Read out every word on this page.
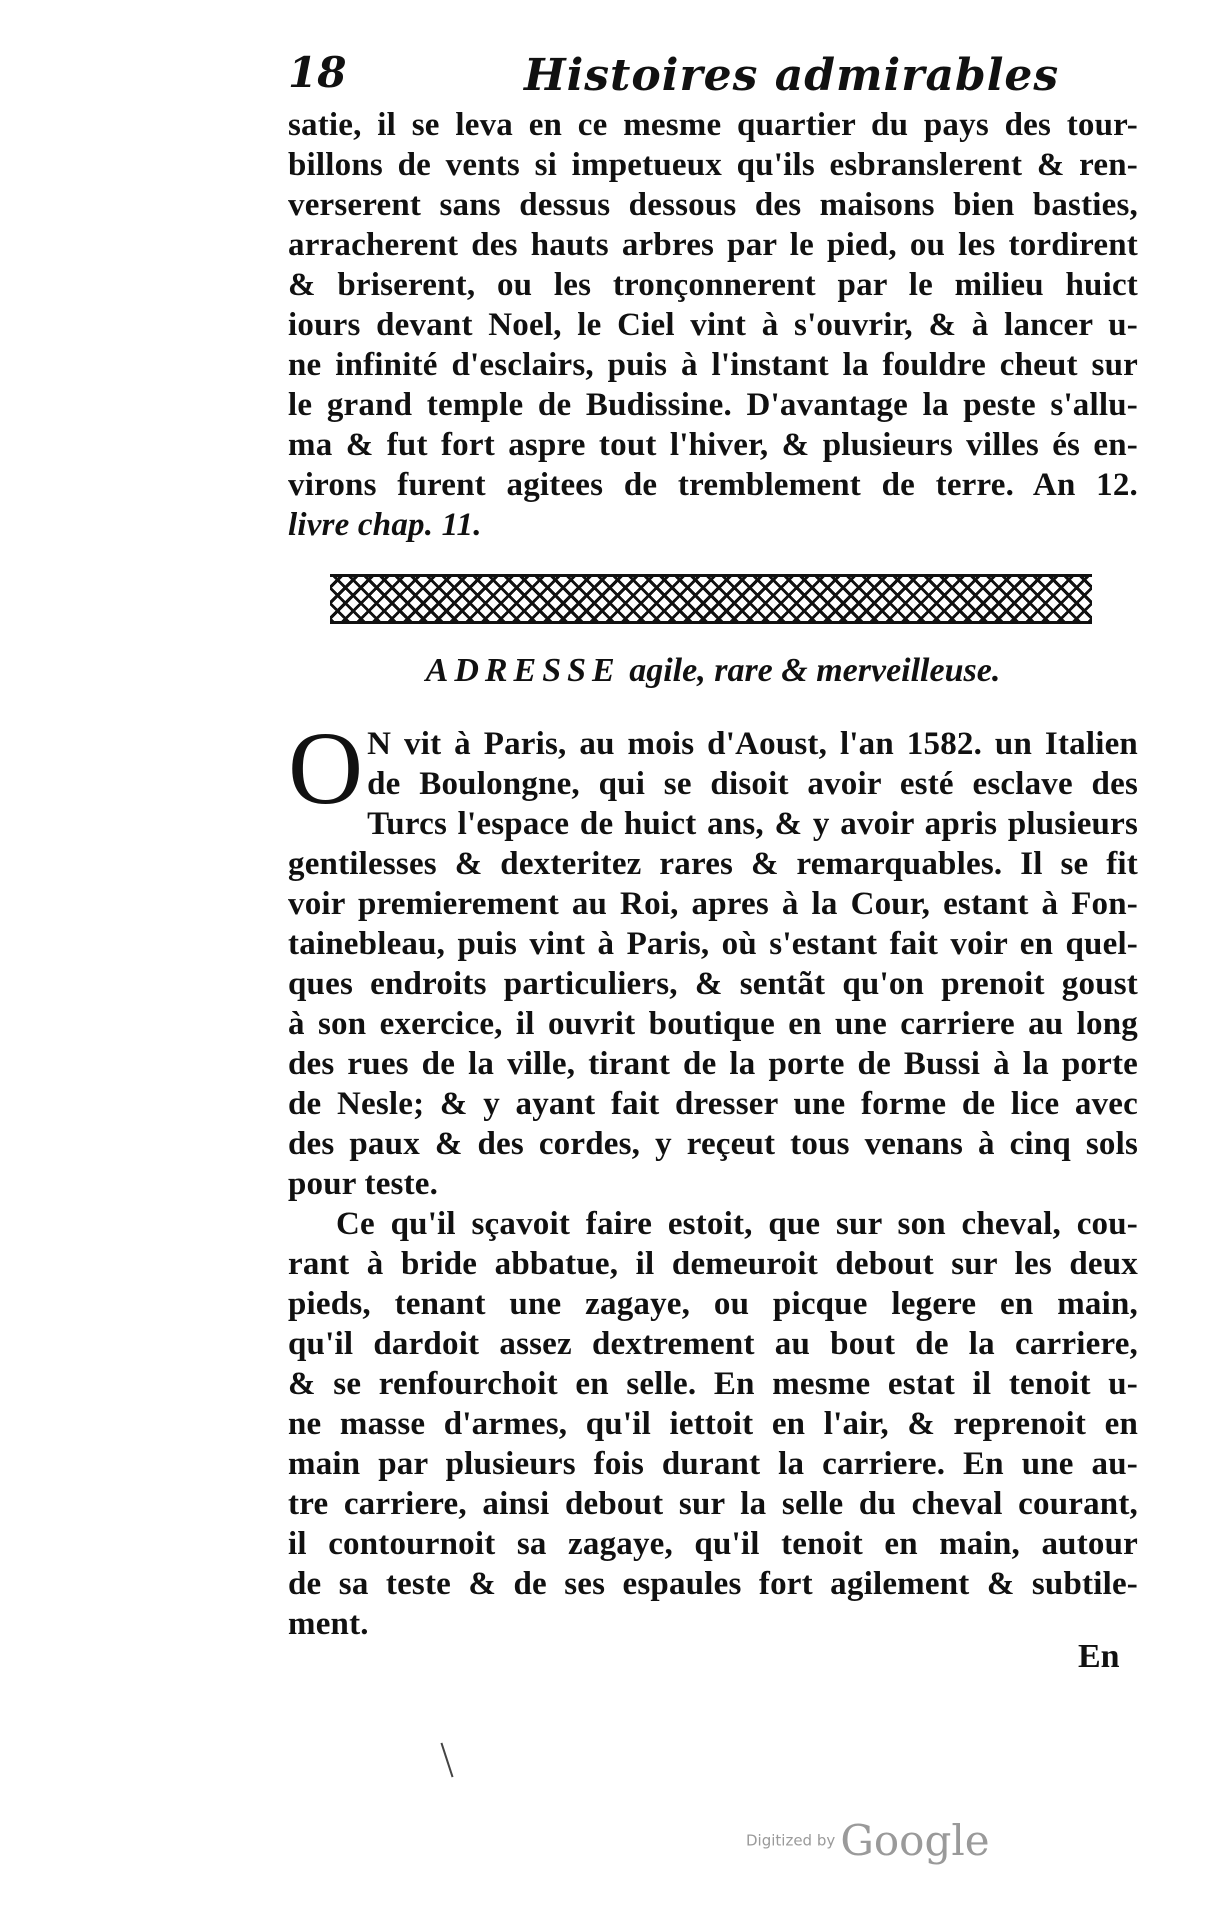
18	Histoires admirables
satie, il se leva en ce mesme quartier du pays des tour-
billons de vents si impetueux qu'ils esbranslerent & ren-
verserent sans dessus dessous des maisons bien basties,
arracherent des hauts arbres par le pied, ou les tordirent
& briserent, ou les tronçonnerent par le milieu huict
iours devant Noel, le Ciel vint à s'ouvrir, & à lancer u-
ne infinité d'esclairs, puis à l'instant la fouldre cheut sur
le grand temple de Budissine. D'avantage la peste s'allu-
ma & fut fort aspre tout l'hiver, & plusieurs villes és en-
virons furent agitees de tremblement de terre. An 12.
livre chap. 11.
ADRESSE agile, rare & merveilleuse.
O N vit à Paris, au mois d'Aoust, l'an 1582. un Italien
de Boulongne, qui se disoit avoir esté esclave des
Turcs l'espace de huict ans, & y avoir apris plusieurs
gentilesses & dexteritez rares & remarquables. Il se fit
voir premierement au Roi, apres à la Cour, estant à Fon-
tainebleau, puis vint à Paris, où s'estant fait voir en quel-
ques endroits particuliers, & sentãt qu'on prenoit goust
à son exercice, il ouvrit boutique en une carriere au long
des rues de la ville, tirant de la porte de Bussi à la porte
de Nesle; & y ayant fait dresser une forme de lice avec
des paux & des cordes, y reçeut tous venans à cinq sols
pour teste.
Ce qu'il sçavoit faire estoit, que sur son cheval, cou-
rant à bride abbatue, il demeuroit debout sur les deux
pieds, tenant une zagaye, ou picque legere en main,
qu'il dardoit assez dextrement au bout de la carriere,
& se renfourchoit en selle. En mesme estat il tenoit u-
ne masse d'armes, qu'il iettoit en l'air, & reprenoit en
main par plusieurs fois durant la carriere. En une au-
tre carriere, ainsi debout sur la selle du cheval courant,
il contournoit sa zagaye, qu'il tenoit en main, autour
de sa teste & de ses espaules fort agilement & subtile-
ment.
En
Digitized by Google
